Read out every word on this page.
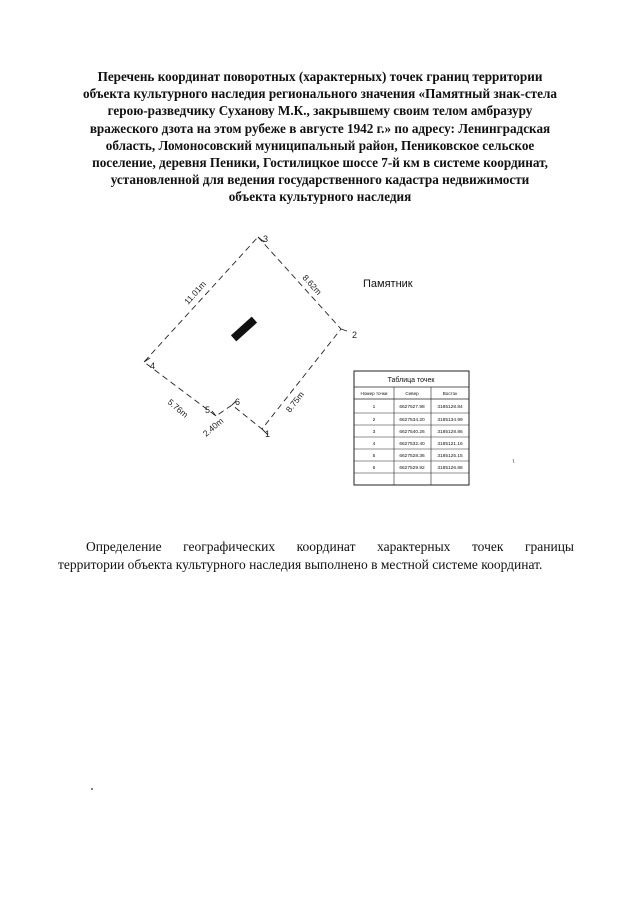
Перечень координат поворотных (характерных) точек границ территории
объекта культурного наследия регионального значения «Памятный знак-стела
герою-разведчику Суханову М.К., закрывшему своим телом амбразуру
вражеского дзота на этом рубеже в августе 1942 г.» по адресу: Ленинградская
область, Ломоносовский муниципальный район, Пениковское сельское
поселение, деревня Пеники, Гостилицкое шоссе 7-й км в системе координат,
установленной для ведения государственного кадастра недвижимости
объекта культурного наследия
3
2
1
6
5
4
11.01m	8.62m
8.75m
5.76m
2.40m
Памятник
Таблица точек
Номер точки	Север	Восток
1	6627527.98	3185128.84
2	6627534.20	3185134.99
3	6627540.26	3185128.86
4	6627532.40	3185121.16
5	6627528.36	3185125.15
6	6627529.92	3185126.88
Определение географических координат характерных точек границы
территории объекта культурного наследия выполнено в местной системе координат.
